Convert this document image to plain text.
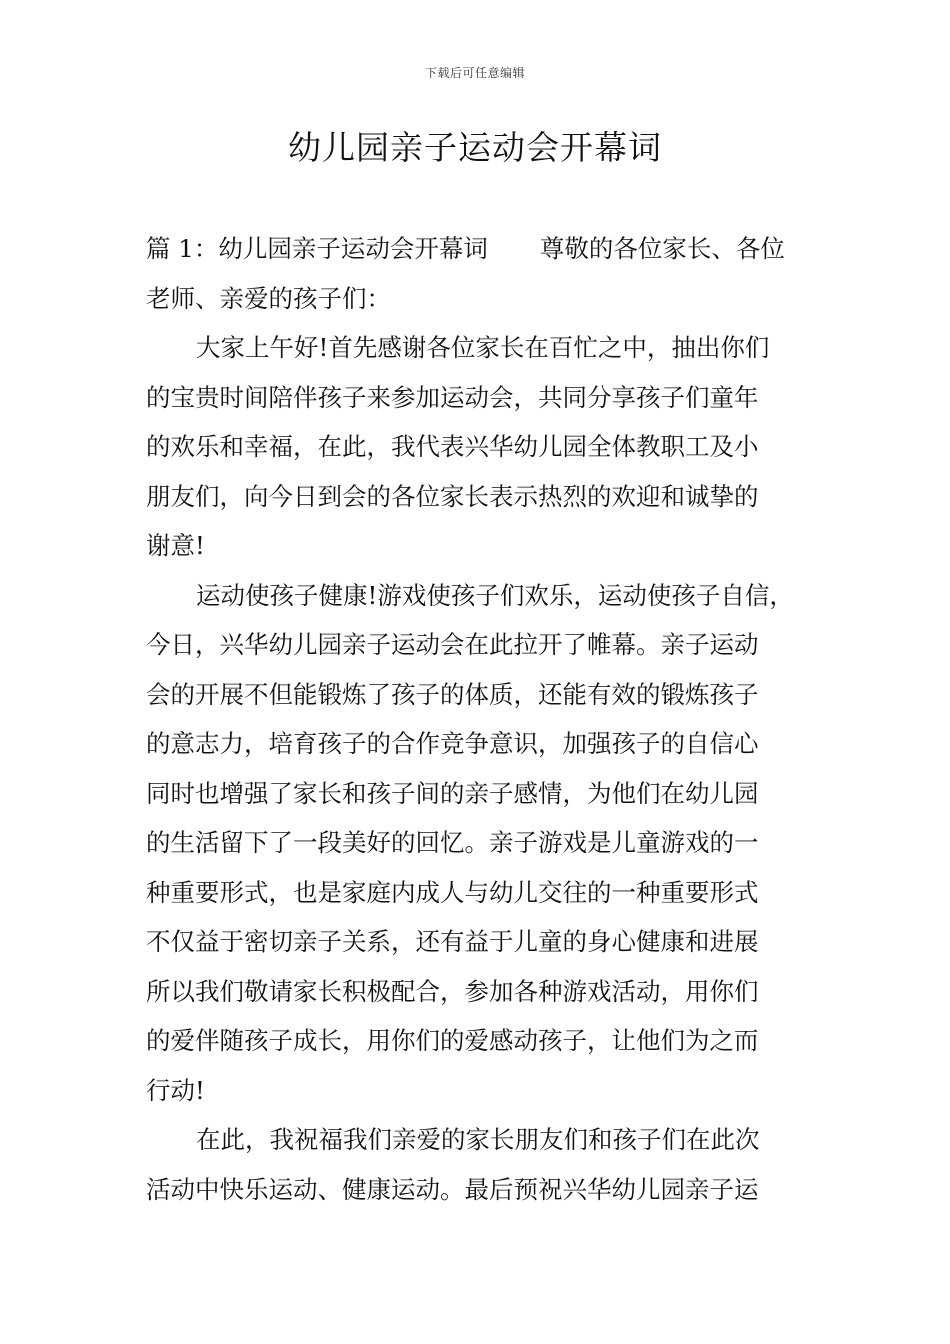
下载后可任意编辑
幼儿园亲子运动会开幕词
篇 1：幼儿园亲子运动会开幕词 尊敬的各位家长、各位
老师、亲爱的孩子们：
大家上午好!首先感谢各位家长在百忙之中，抽出你们
的宝贵时间陪伴孩子来参加运动会，共同分享孩子们童年
的欢乐和幸福，在此，我代表兴华幼儿园全体教职工及小
朋友们，向今日到会的各位家长表示热烈的欢迎和诚挚的
谢意!
运动使孩子健康!游戏使孩子们欢乐，运动使孩子自信，
今日，兴华幼儿园亲子运动会在此拉开了帷幕。亲子运动
会的开展不但能锻炼了孩子的体质，还能有效的锻炼孩子
的意志力，培育孩子的合作竞争意识，加强孩子的自信心
同时也增强了家长和孩子间的亲子感情，为他们在幼儿园
的生活留下了一段美好的回忆。亲子游戏是儿童游戏的一
种重要形式，也是家庭内成人与幼儿交往的一种重要形式
不仅益于密切亲子关系，还有益于儿童的身心健康和进展
所以我们敬请家长积极配合，参加各种游戏活动，用你们
的爱伴随孩子成长，用你们的爱感动孩子，让他们为之而
行动!
在此，我祝福我们亲爱的家长朋友们和孩子们在此次
活动中快乐运动、健康运动。最后预祝兴华幼儿园亲子运
